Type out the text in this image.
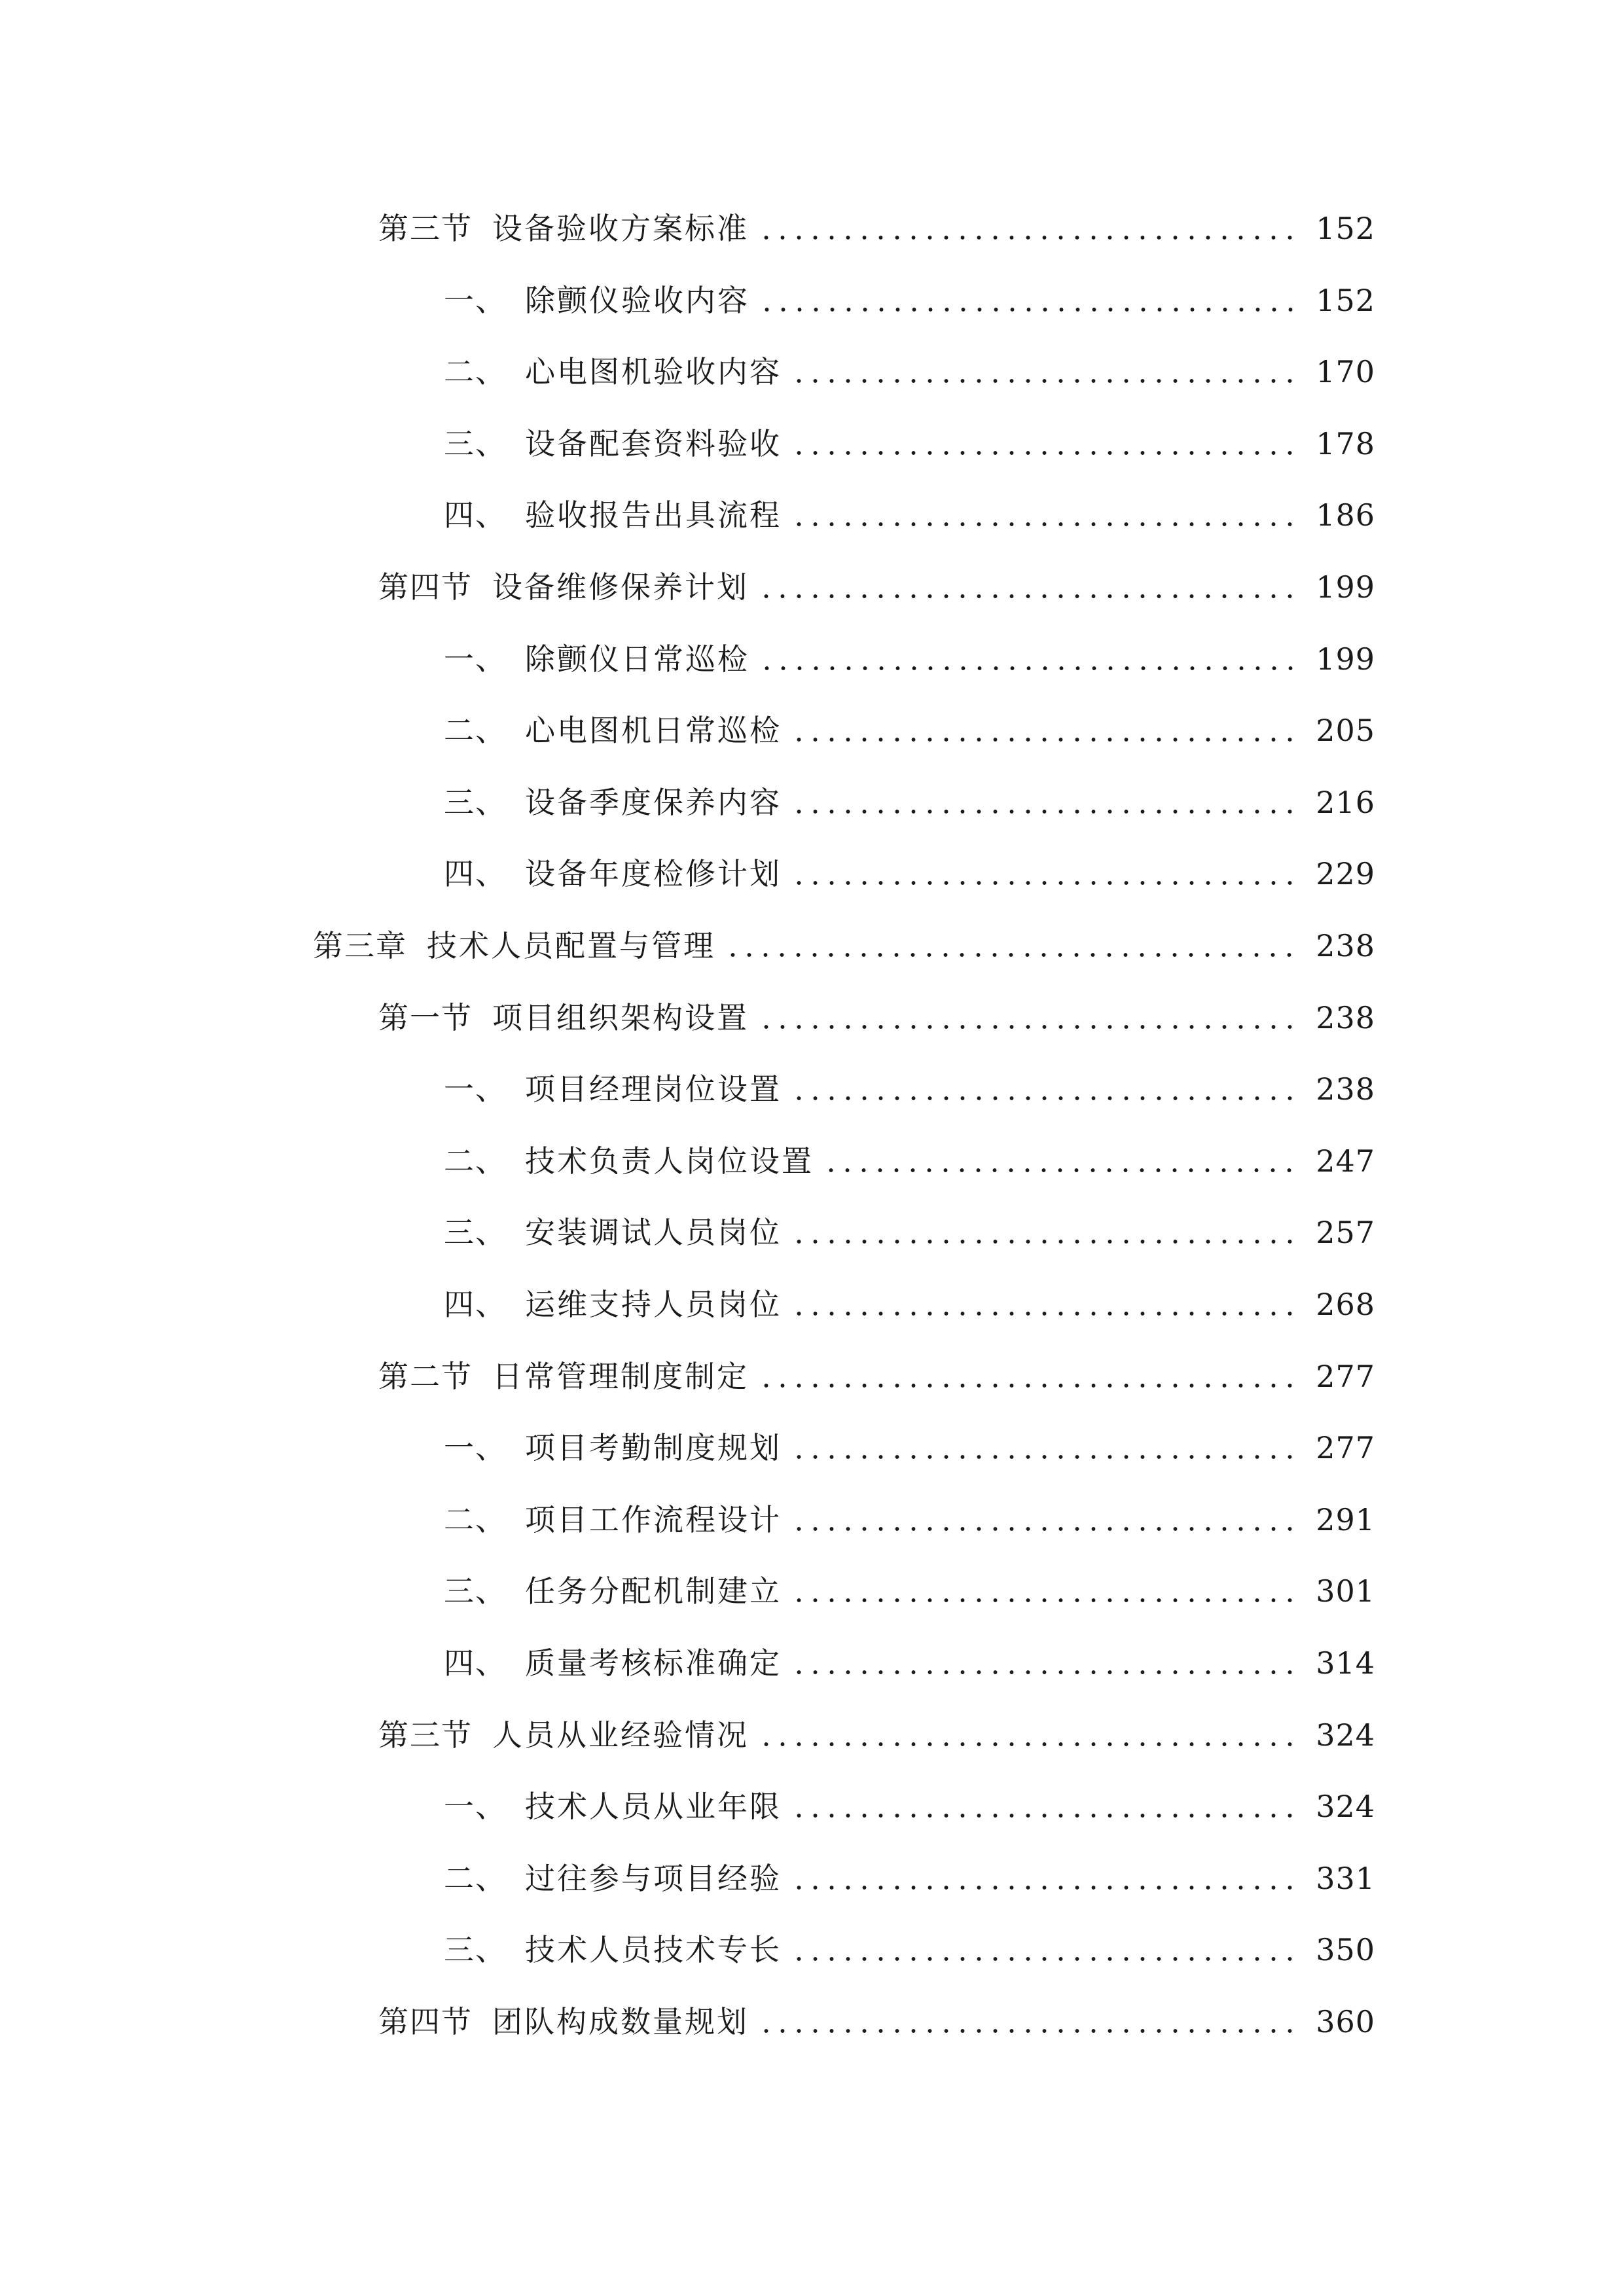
第三节 设备验收方案标准	152
一、 除颤仪验收内容	152
二、 心电图机验收内容	170
三、 设备配套资料验收	178
四、 验收报告出具流程	186
第四节 设备维修保养计划	199
一、 除颤仪日常巡检	199
二、 心电图机日常巡检	205
三、 设备季度保养内容	216
四、 设备年度检修计划	229
第三章 技术人员配置与管理	238
第一节 项目组织架构设置	238
一、 项目经理岗位设置	238
二、 技术负责人岗位设置	247
三、 安装调试人员岗位	257
四、 运维支持人员岗位	268
第二节 日常管理制度制定	277
一、 项目考勤制度规划	277
二、 项目工作流程设计	291
三、 任务分配机制建立	301
四、 质量考核标准确定	314
第三节 人员从业经验情况	324
一、 技术人员从业年限	324
二、 过往参与项目经验	331
三、 技术人员技术专长	350
第四节 团队构成数量规划	360
